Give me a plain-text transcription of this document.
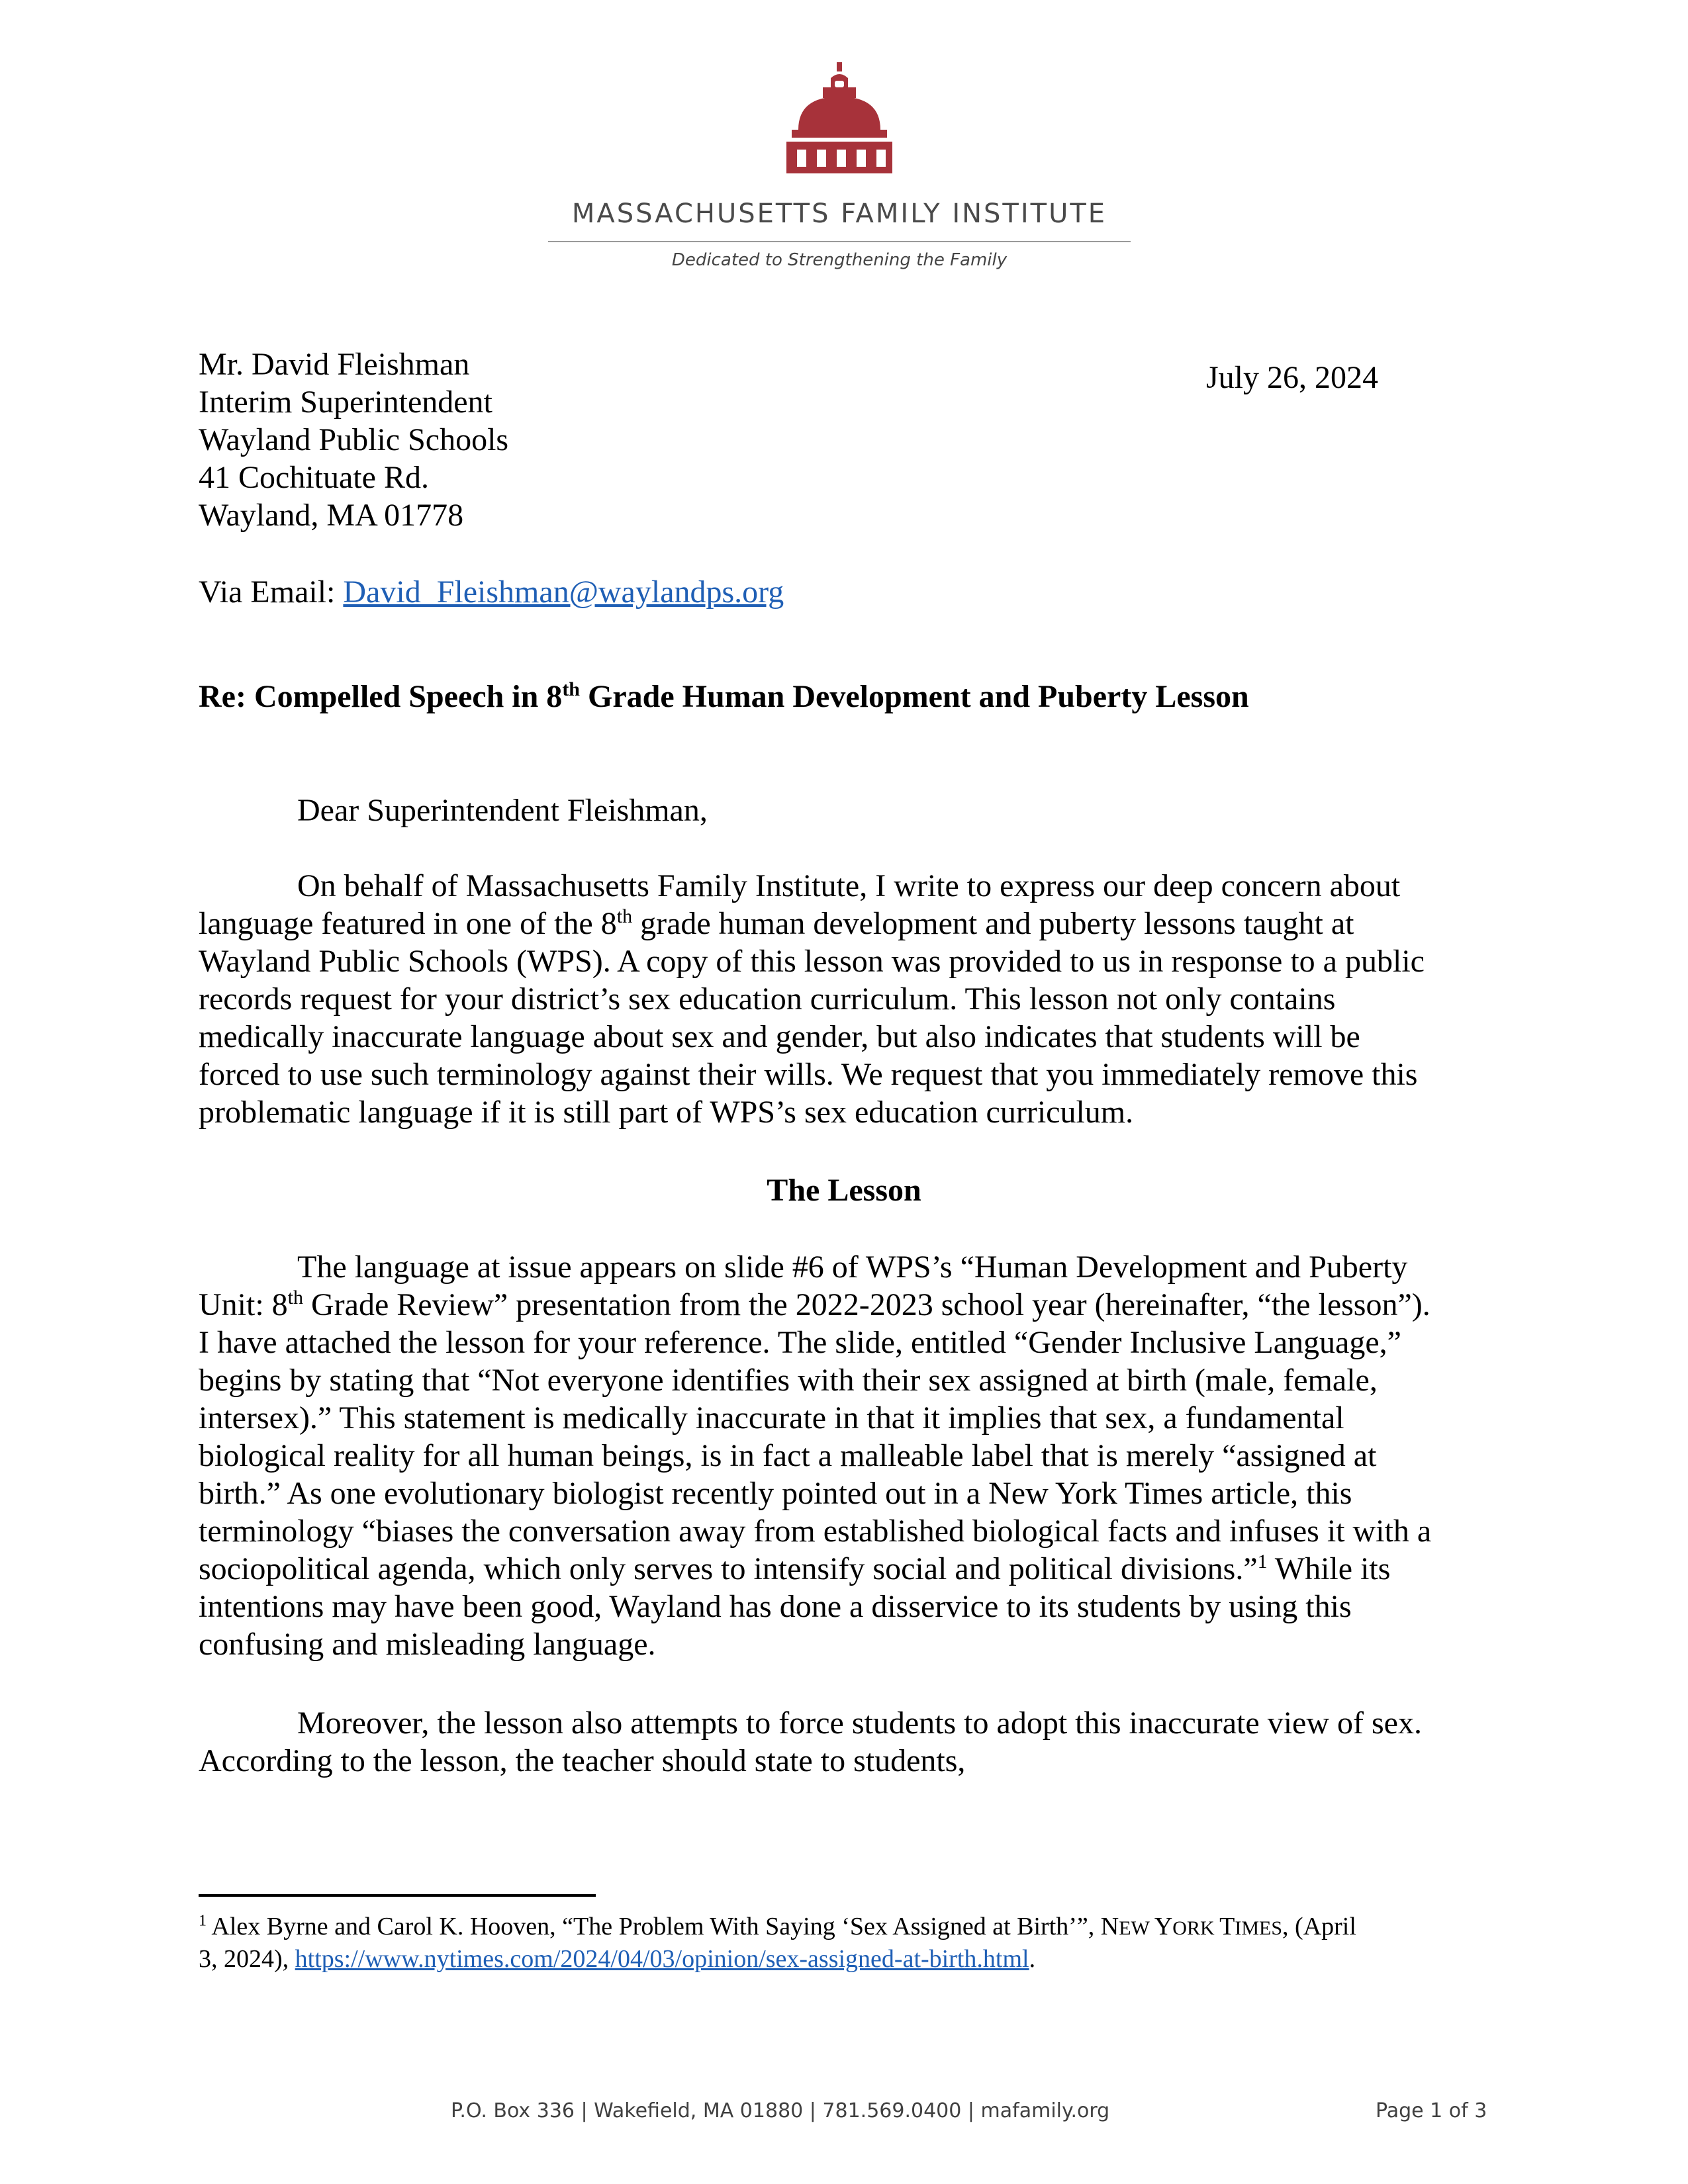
MASSACHUSETTS FAMILY INSTITUTE
Dedicated to Strengthening the Family
Mr. David Fleishman
Interim Superintendent
Wayland Public Schools
41 Cochituate Rd.
Wayland, MA 01778
July 26, 2024
Via Email: David_Fleishman@waylandps.org
Re: Compelled Speech in 8th Grade Human Development and Puberty Lesson
Dear Superintendent Fleishman,
On behalf of Massachusetts Family Institute, I write to express our deep concern about
language featured in one of the 8th grade human development and puberty lessons taught at
Wayland Public Schools (WPS). A copy of this lesson was provided to us in response to a public
records request for your district’s sex education curriculum. This lesson not only contains
medically inaccurate language about sex and gender, but also indicates that students will be
forced to use such terminology against their wills. We request that you immediately remove this
problematic language if it is still part of WPS’s sex education curriculum.
The Lesson
The language at issue appears on slide #6 of WPS’s “Human Development and Puberty
Unit: 8th Grade Review” presentation from the 2022-2023 school year (hereinafter, “the lesson”).
I have attached the lesson for your reference. The slide, entitled “Gender Inclusive Language,”
begins by stating that “Not everyone identifies with their sex assigned at birth (male, female,
intersex).” This statement is medically inaccurate in that it implies that sex, a fundamental
biological reality for all human beings, is in fact a malleable label that is merely “assigned at
birth.” As one evolutionary biologist recently pointed out in a New York Times article, this
terminology “biases the conversation away from established biological facts and infuses it with a
sociopolitical agenda, which only serves to intensify social and political divisions.”$^1$ While its
intentions may have been good, Wayland has done a disservice to its students by using this
confusing and misleading language.
Moreover, the lesson also attempts to force students to adopt this inaccurate view of sex.
According to the lesson, the teacher should state to students,
$^1$ Alex Byrne and Carol K. Hooven, “The Problem With Saying ‘Sex Assigned at Birth’”, NEW YORK TIMES, (April
3, 2024), https://www.nytimes.com/2024/04/03/opinion/sex-assigned-at-birth.html.
P.O. Box 336 | Wakefield, MA 01880 | 781.569.0400 | mafamily.org	Page 1 of 3
